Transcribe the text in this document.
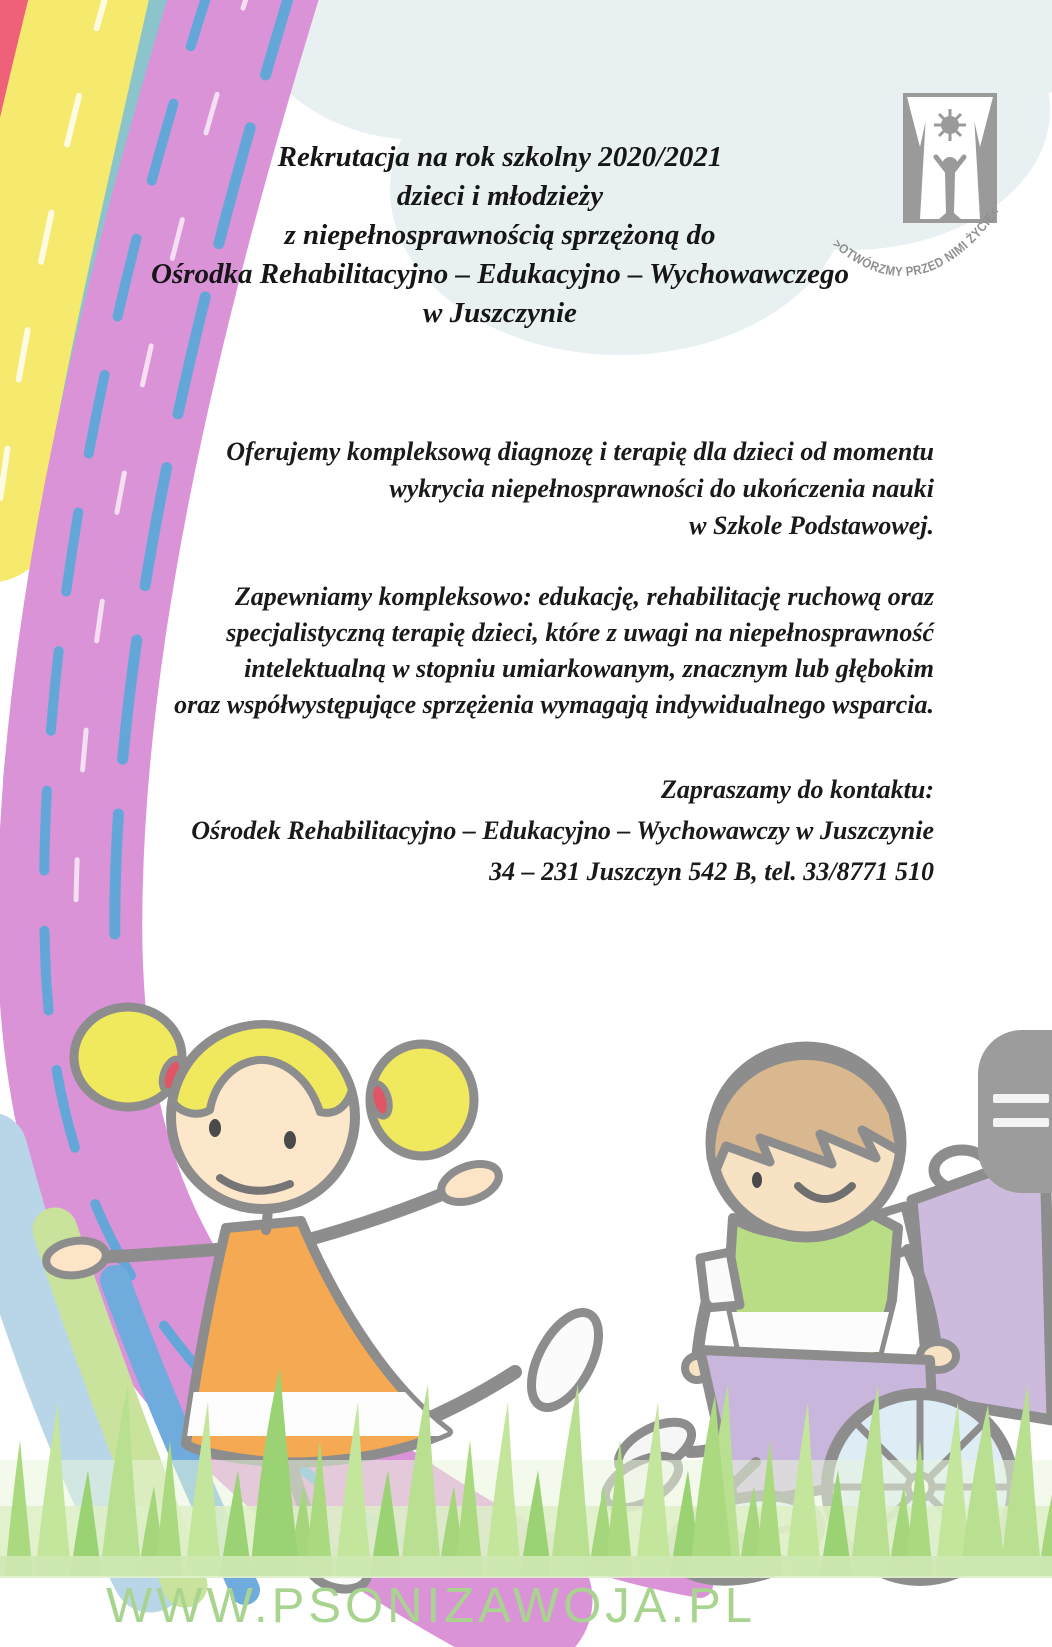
>OTWÓRZMY PRZED NIMI ŻYCIE<
Rekrutacja na rok szkolny 2020/2021
dzieci i młodzieży
z niepełnosprawnością sprzężoną do
Ośrodka Rehabilitacyjno – Edukacyjno – Wychowawczego
w Juszczynie
Oferujemy kompleksową diagnozę i terapię dla dzieci od momentu
wykrycia niepełnosprawności do ukończenia nauki
w Szkole Podstawowej.
Zapewniamy kompleksowo: edukację, rehabilitację ruchową oraz
specjalistyczną terapię dzieci, które z uwagi na niepełnosprawność
intelektualną w stopniu umiarkowanym, znacznym lub głębokim
oraz współwystępujące sprzężenia wymagają indywidualnego wsparcia.
Zapraszamy do kontaktu:
Ośrodek Rehabilitacyjno – Edukacyjno – Wychowawczy w Juszczynie
34 – 231 Juszczyn 542 B, tel. 33/8771 510
WWW.PSONIZAWOJA.PL
